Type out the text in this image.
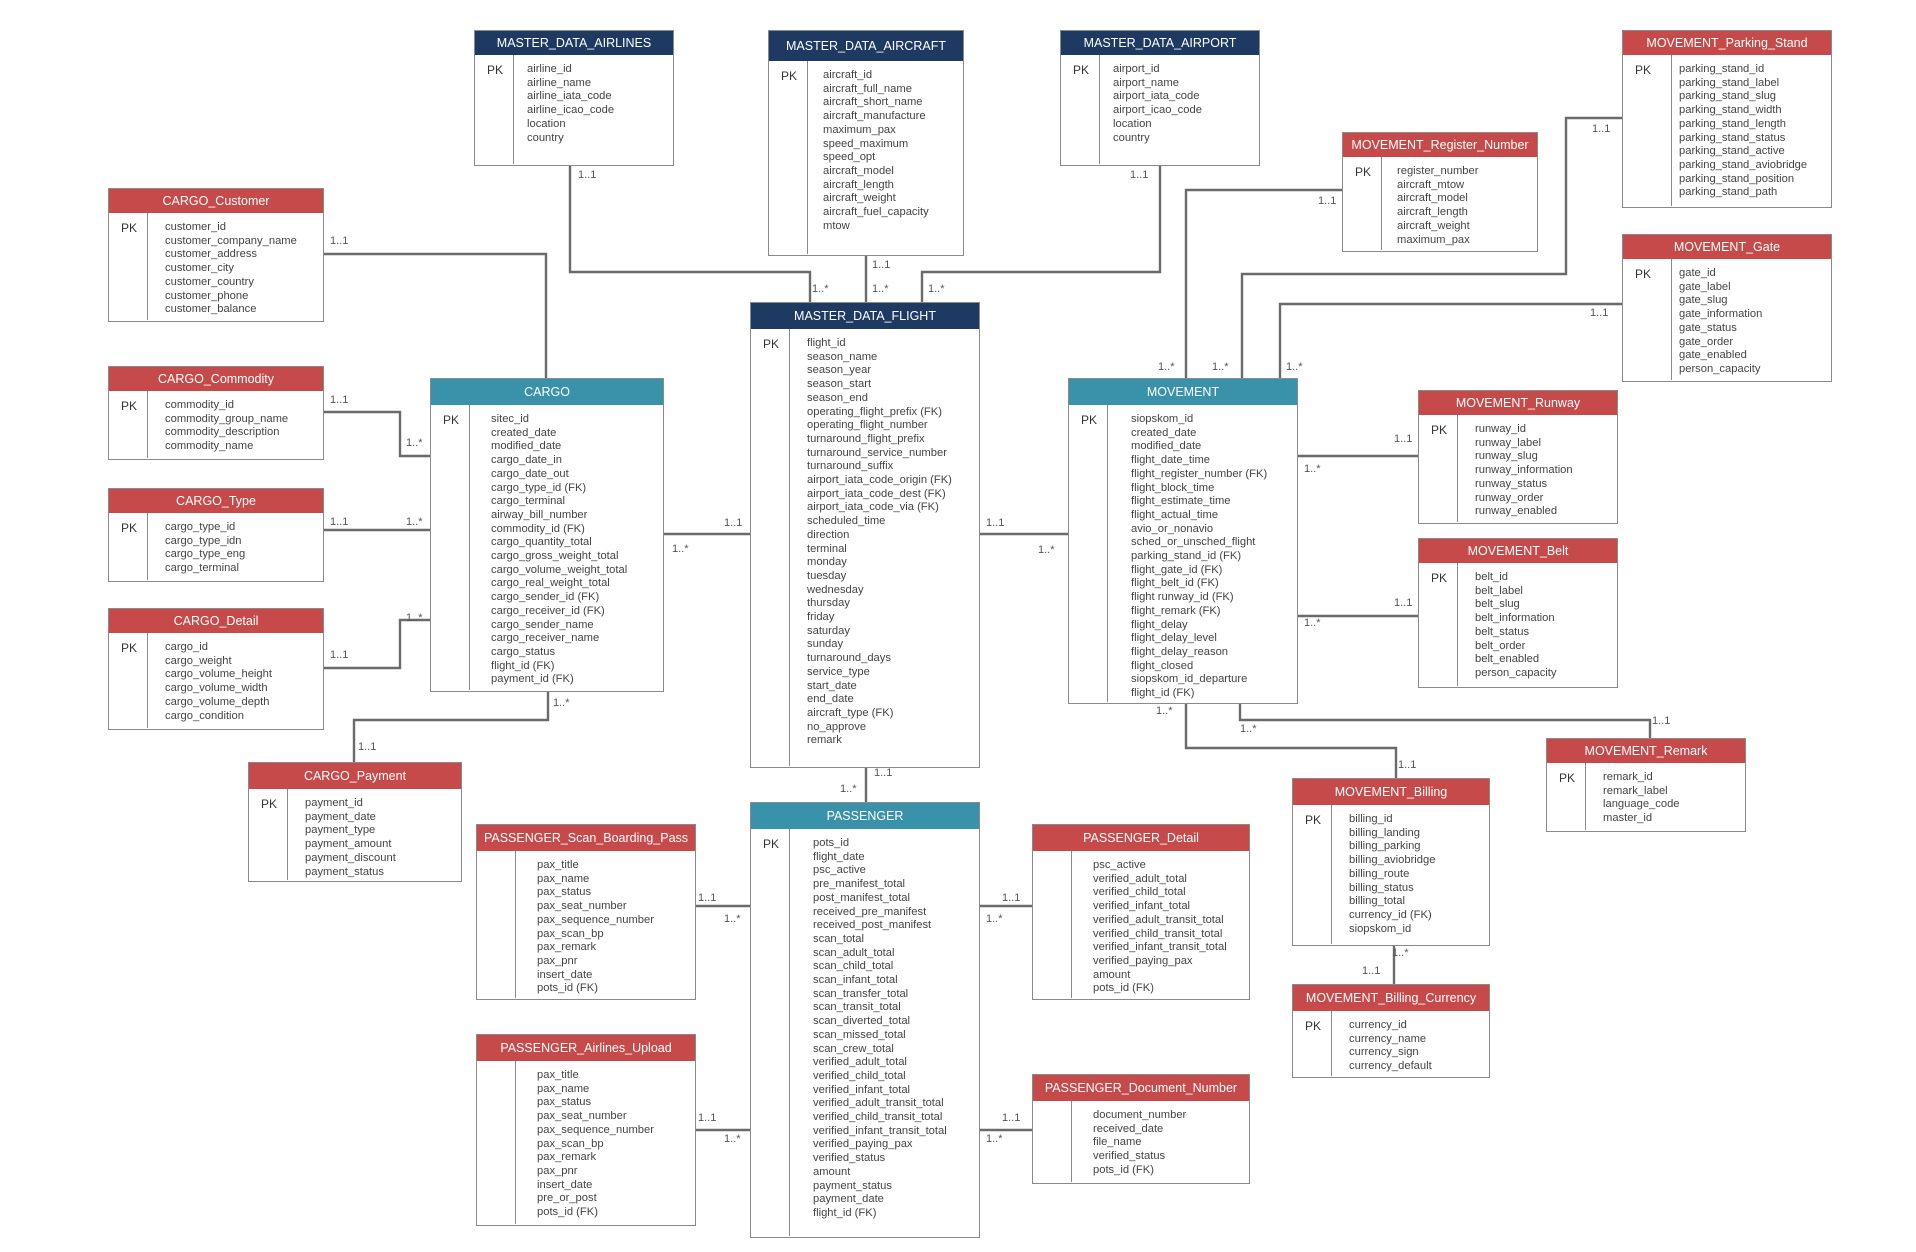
MASTER_DATA_AIRLINES
PK airline_id
airline_name
airline_iata_code
airline_icao_code
location
country
MASTER_DATA_AIRCRAFT
PK aircraft_id
aircraft_full_name
aircraft_short_name
aircraft_manufacture
maximum_pax
speed_maximum
speed_opt
aircraft_model
aircraft_length
aircraft_weight
aircraft_fuel_capacity
mtow
MASTER_DATA_AIRPORT
PK airport_id
airport_name
airport_iata_code
airport_icao_code
location
country
MOVEMENT_Parking_Stand
PK parking_stand_id
parking_stand_label
parking_stand_slug
parking_stand_width
parking_stand_length
parking_stand_status
parking_stand_active
parking_stand_aviobridge
parking_stand_position
parking_stand_path
MOVEMENT_Register_Number
PK register_number
aircraft_mtow
aircraft_model
aircraft_length
aircraft_weight
maximum_pax
CARGO_Customer
PK customer_id
customer_company_name
customer_address
customer_city
customer_country
customer_phone
customer_balance
MOVEMENT_Gate
PK gate_id
gate_label
gate_slug
gate_information
gate_status
gate_order
gate_enabled
person_capacity
MASTER_DATA_FLIGHT
PK flight_id
season_name
season_year
season_start
season_end
operating_flight_prefix (FK)
operating_flight_number
turnaround_flight_prefix
turnaround_service_number
turnaround_suffix
airport_iata_code_origin (FK)
airport_iata_code_dest (FK)
airport_iata_code_via (FK)
scheduled_time
direction
terminal
monday
tuesday
wednesday
thursday
friday
saturday
sunday
turnaround_days
service_type
start_date
end_date
aircraft_type (FK)
no_approve
remark
CARGO_Commodity
PK commodity_id
commodity_group_name
commodity_description
commodity_name
CARGO
PK	sitec_id
created_date
modified_date
cargo_date_in
cargo_date_out
cargo_type_id (FK)
cargo_terminal
airway_bill_number
commodity_id (FK)
cargo_quantity_total
cargo_gross_weight_total
cargo_volume_weight_total
cargo_real_weight_total
cargo_sender_id (FK)
cargo_receiver_id (FK)
cargo_sender_name
cargo_receiver_name
cargo_status
flight_id (FK)
payment_id (FK)
MOVEMENT
PK	siopskom_id
created_date
modified_date
flight_date_time
flight_register_number (FK)
flight_block_time
flight_estimate_time
flight_actual_time
avio_or_nonavio
sched_or_unsched_flight
parking_stand_id (FK)
flight_gate_id (FK)
flight_belt_id (FK)
flight runway_id (FK)
flight_remark (FK)
flight_delay
flight_delay_level
flight_delay_reason
flight_closed
siopskom_id_departure
flight_id (FK)
MOVEMENT_Runway
PK runway_id
runway_label
runway_slug
runway_information
runway_status
runway_order
runway_enabled
CARGO_Type
PK cargo_type_id
cargo_type_idn
cargo_type_eng
cargo_terminal
MOVEMENT_Belt
PK belt_id
belt_label
belt_slug
belt_information
belt_status
belt_order
belt_enabled
person_capacity
CARGO_Detail
PK cargo_id
cargo_weight
cargo_volume_height
cargo_volume_width
cargo_volume_depth
cargo_condition
MOVEMENT_Remark
PK remark_id
remark_label
language_code
master_id
CARGO_Payment
PK payment_id
payment_date
payment_type
payment_amount
payment_discount
payment_status
MOVEMENT_Billing
PK billing_id
billing_landing
billing_parking
billing_aviobridge
billing_route
billing_status
billing_total
currency_id (FK)
siopskom_id
PASSENGER
PK	pots_id
flight_date
psc_active
pre_manifest_total
post_manifest_total
received_pre_manifest
received_post_manifest
scan_total
scan_adult_total
scan_child_total
scan_infant_total
scan_transfer_total
scan_transit_total
scan_diverted_total
scan_missed_total
scan_crew_total
verified_adult_total
verified_child_total
verified_infant_total
verified_adult_transit_total
verified_child_transit_total
verified_infant_transit_total
verified_paying_pax
verified_status
amount
payment_status
payment_date
flight_id (FK)
PASSENGER_Scan_Boarding_Pass
pax_title
pax_name
pax_status
pax_seat_number
pax_sequence_number
pax_scan_bp
pax_remark
pax_pnr
insert_date
pots_id (FK)
PASSENGER_Detail
psc_active
verified_adult_total
verified_child_total
verified_infant_total
verified_adult_transit_total
verified_child_transit_total
verified_infant_transit_total
verified_paying_pax
amount
pots_id (FK)
MOVEMENT_Billing_Currency
PK currency_id
currency_name
currency_sign
currency_default
PASSENGER_Airlines_Upload
pax_title
pax_name
pax_status
pax_seat_number
pax_sequence_number
pax_scan_bp
pax_remark
pax_pnr
insert_date
pre_or_post
pots_id (FK)
PASSENGER_Document_Number
document_number
received_date
file_name
verified_status
pots_id (FK)
1..1
1..*
1..1
1..*
1..1
1..*
1..1
1..1
1..*
1..1	1..*
1..1
1..*
1..*
1..1
1..*
1..1
1..1
1..*
1..1
1..*
1..1
1..*
1..1
1..*
1..1
1..*
1..1
1..*
1..1
1..*
1..*
1..1
1..*
1..1
1..*
1..1
1..1
1..*
1..1
1..*
1..1
1..*
1..1
1..*
